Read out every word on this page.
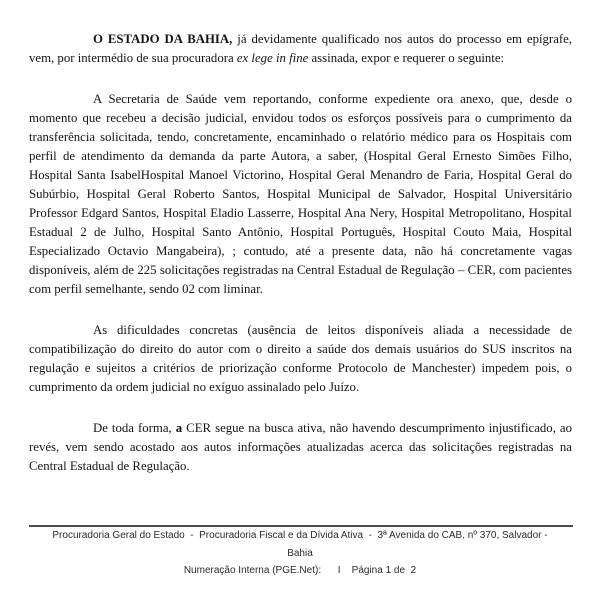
O ESTADO DA BAHIA, já devidamente qualificado nos autos do processo em epígrafe, vem, por intermédio de sua procuradora ex lege in fine assinada, expor e requerer o seguinte:

A Secretaria de Saúde vem reportando, conforme expediente ora anexo, que, desde o momento que recebeu a decisão judicial, envidou todos os esforços possíveis para o cumprimento da transferência solicitada, tendo, concretamente, encaminhado o relatório médico para os Hospitais com perfil de atendimento da demanda da parte Autora, a saber, (Hospital Geral Ernesto Simões Filho, Hospital Santa IsabelHospital Manoel Victorino, Hospital Geral Menandro de Faria, Hospital Geral do Subúrbio, Hospital Geral Roberto Santos, Hospital Municipal de Salvador, Hospital Universitário Professor Edgard Santos, Hospital Eladio Lasserre, Hospital Ana Nery, Hospital Metropolitano, Hospital Estadual 2 de Julho, Hospital Santo Antônio, Hospital Português, Hospital Couto Maia, Hospital Especializado Octavio Mangabeira), ; contudo, até a presente data, não há concretamente vagas disponíveis, além de 225 solicitações registradas na Central Estadual de Regulação – CER, com pacientes com perfil semelhante, sendo 02 com liminar.

As dificuldades concretas (ausência de leitos disponíveis aliada a necessidade de compatibilização do direito do autor com o direito a saúde dos demais usuários do SUS inscritos na regulação e sujeitos a critérios de priorização conforme Protocolo de Manchester) impedem pois, o cumprimento da ordem judicial no exíguo assinalado pelo Juízo.

De toda forma, a CER segue na busca ativa, não havendo descumprimento injustificado, ao revés, vem sendo acostado aos autos informações atualizadas acerca das solicitações registradas na Central Estadual de Regulação.

Procuradoria Geral do Estado  -  Procuradoria Fiscal e da Dívida Ativa  -  3ª Avenida do CAB, nº 370, Salvador -
Bahia
Numeração Interna (PGE.Net):      I    Página 1 de  2
